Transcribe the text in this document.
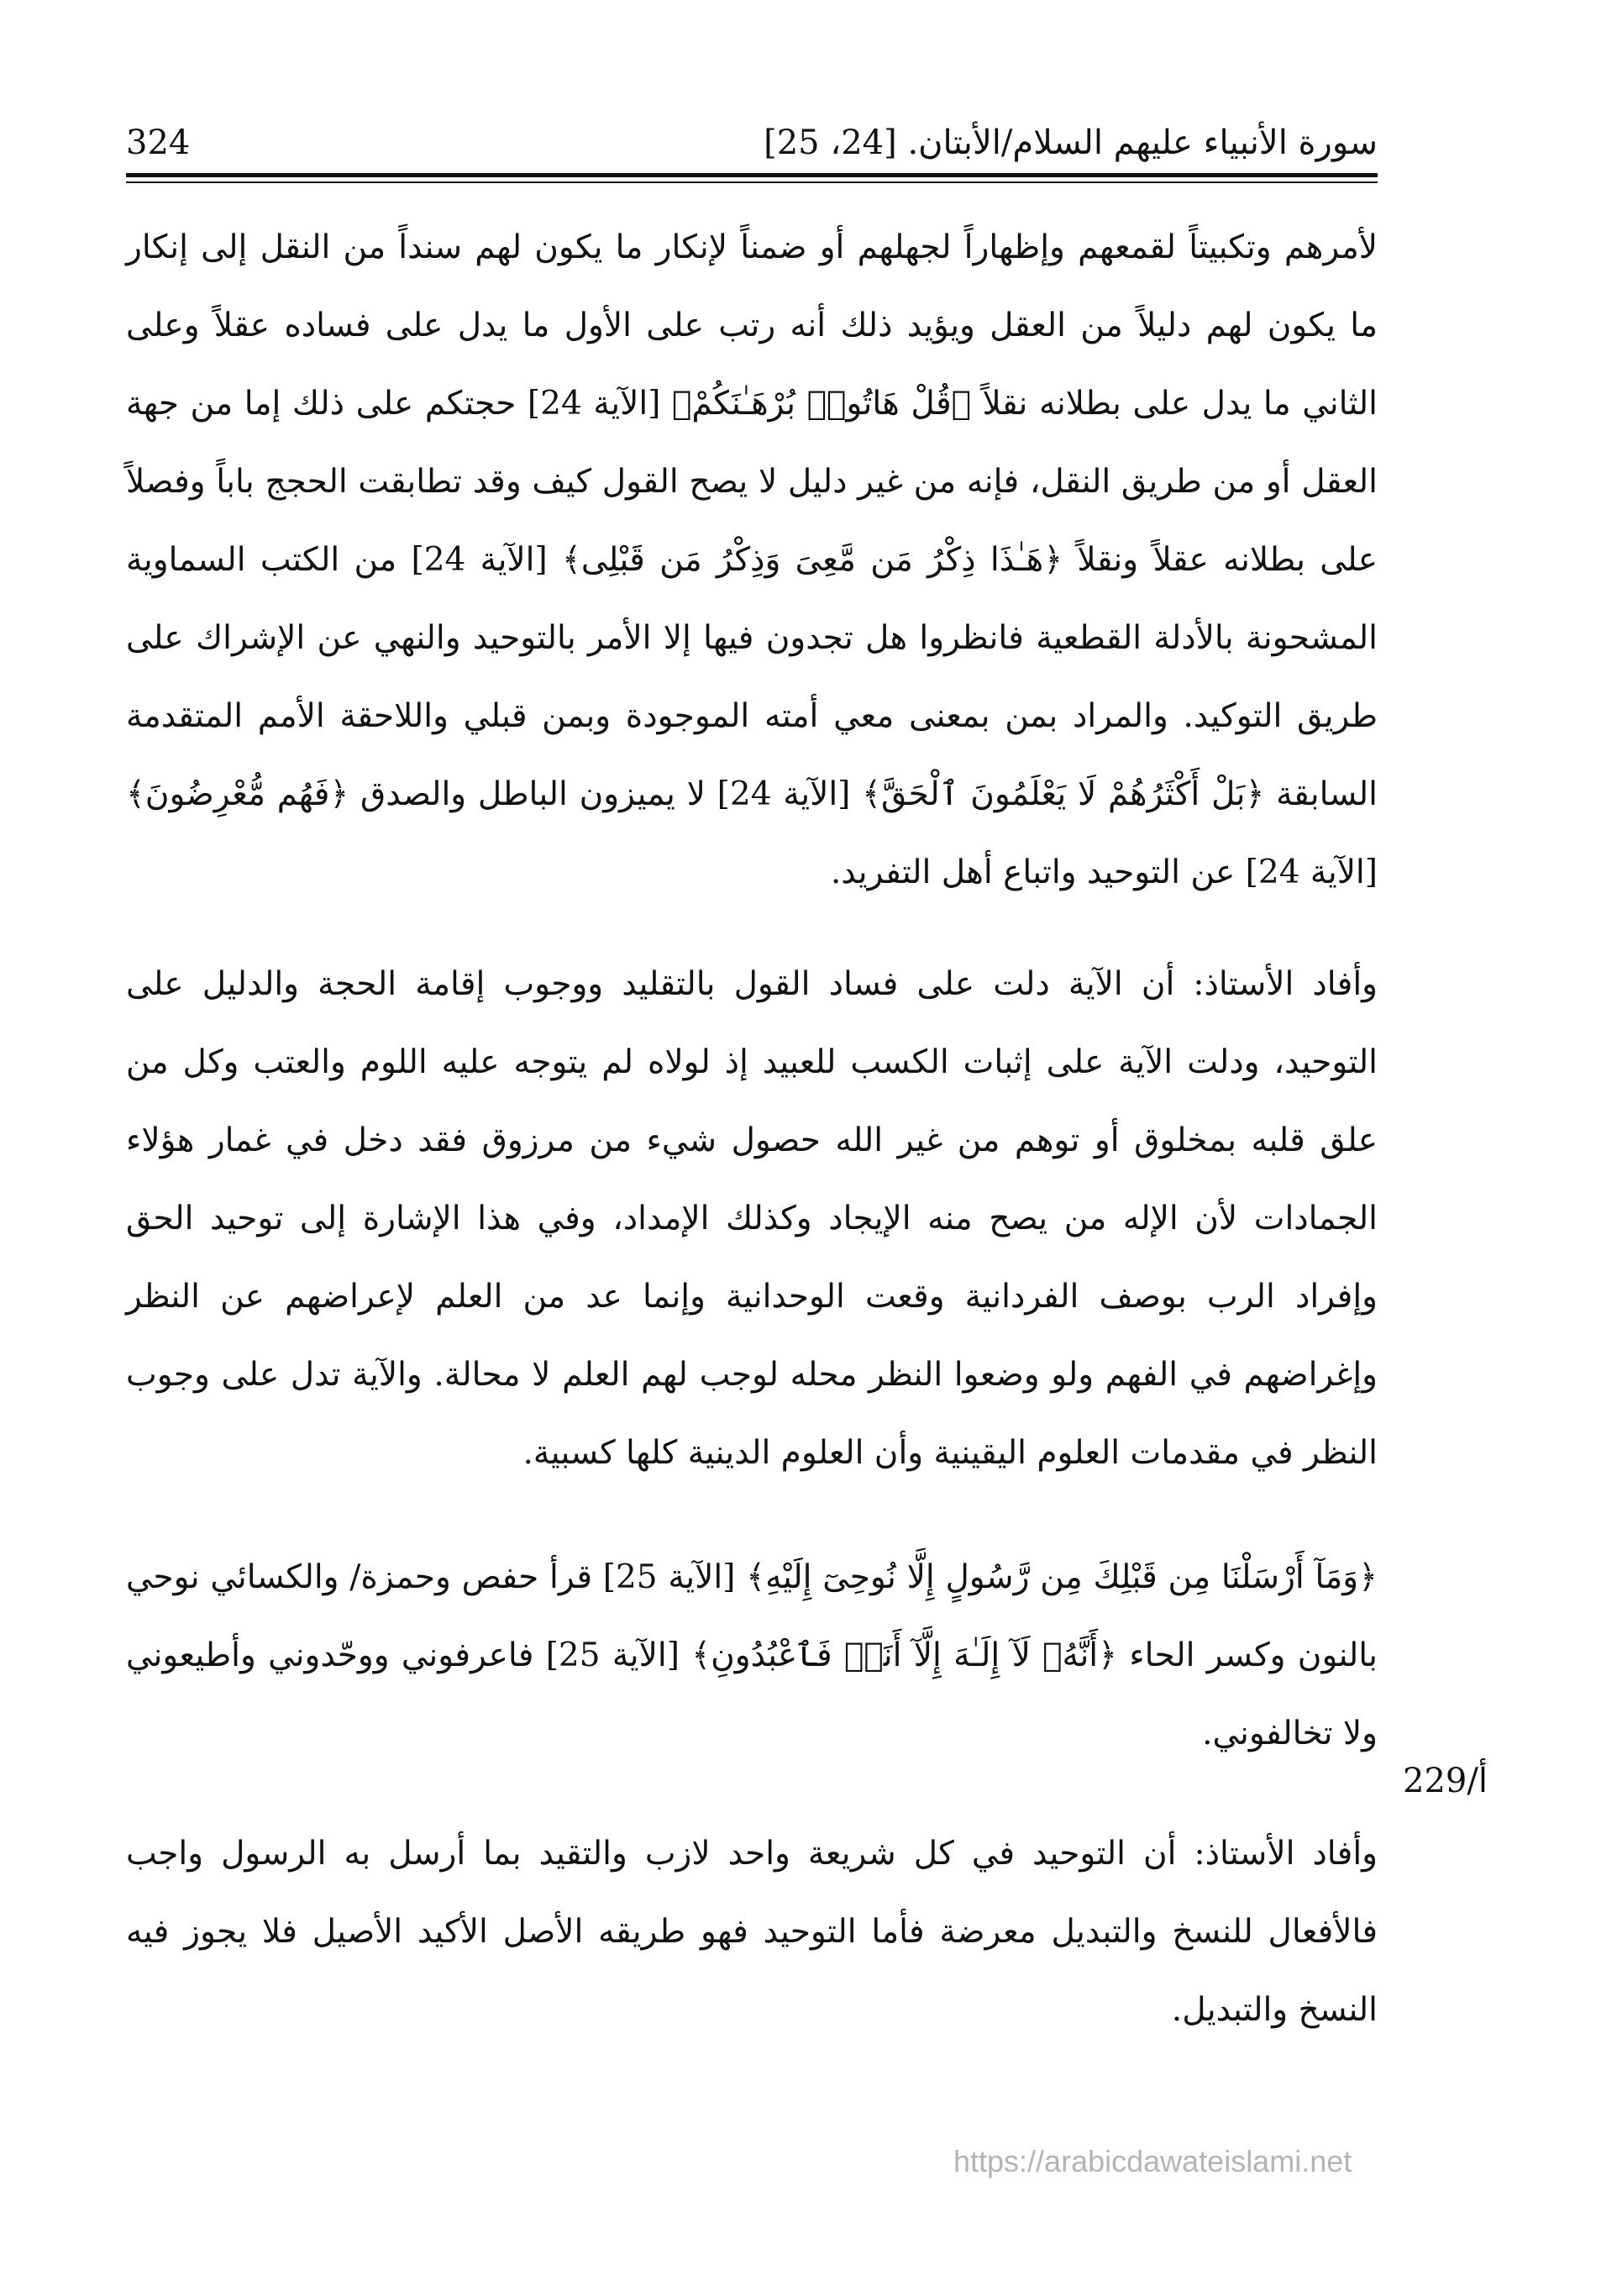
324	سورة الأنبياء عليهم السلام/الأبتان. [24، 25]

لأمرهم وتكبيتاً لقمعهم وإظهاراً لجهلهم أو ضمناً لإنكار ما يكون لهم سنداً من النقل إلى إنكار ما يكون لهم دليلاً من العقل ويؤيد ذلك أنه رتب على الأول ما يدل على فساده عقلاً وعلى الثاني ما يدل على بطلانه نقلاً ﴿قُلْ هَاتُوا۟ بُرْهَـٰنَكُمْ﴾ [الآية 24] حجتكم على ذلك إما من جهة العقل أو من طريق النقل، فإنه من غير دليل لا يصح القول كيف وقد تطابقت الحجج باباً وفصلاً على بطلانه عقلاً ونقلاً ﴿هَـٰذَا ذِكْرُ مَن مَّعِىَ وَذِكْرُ مَن قَبْلِى﴾ [الآية 24] من الكتب السماوية المشحونة بالأدلة القطعية فانظروا هل تجدون فيها إلا الأمر بالتوحيد والنهي عن الإشراك على طريق التوكيد. والمراد بمن بمعنى معي أمته الموجودة وبمن قبلي واللاحقة الأمم المتقدمة السابقة ﴿بَلْ أَكْثَرُهُمْ لَا يَعْلَمُونَ ٱلْحَقَّ﴾ [الآية 24] لا يميزون الباطل والصدق ﴿فَهُم مُّعْرِضُونَ﴾ [الآية 24] عن التوحيد واتباع أهل التفريد.

وأفاد الأستاذ: أن الآية دلت على فساد القول بالتقليد ووجوب إقامة الحجة والدليل على التوحيد، ودلت الآية على إثبات الكسب للعبيد إذ لولاه لم يتوجه عليه اللوم والعتب وكل من علق قلبه بمخلوق أو توهم من غير الله حصول شيء من مرزوق فقد دخل في غمار هؤلاء الجمادات لأن الإله من يصح منه الإيجاد وكذلك الإمداد، وفي هذا الإشارة إلى توحيد الحق وإفراد الرب بوصف الفردانية وقعت الوحدانية وإنما عد من العلم لإعراضهم عن النظر وإغراضهم في الفهم ولو وضعوا النظر محله لوجب لهم العلم لا محالة. والآية تدل على وجوب النظر في مقدمات العلوم اليقينية وأن العلوم الدينية كلها كسبية.

﴿وَمَآ أَرْسَلْنَا مِن قَبْلِكَ مِن رَّسُولٍ إِلَّا نُوحِىٓ إِلَيْهِ﴾ [الآية 25] قرأ حفص وحمزة/ والكسائي نوحي بالنون وكسر الحاء ﴿أَنَّهُۥ لَآ إِلَـٰهَ إِلَّآ أَنَا۠ فَٱعْبُدُونِ﴾ [الآية 25] فاعرفوني ووحّدوني وأطيعوني ولا تخالفوني.

وأفاد الأستاذ: أن التوحيد في كل شريعة واحد لازب والتقيد بما أرسل به الرسول واجب فالأفعال للنسخ والتبديل معرضة فأما التوحيد فهو طريقه الأصل الأكيد الأصيل فلا يجوز فيه النسخ والتبديل.

229/أ
https://arabicdawateislami.net
